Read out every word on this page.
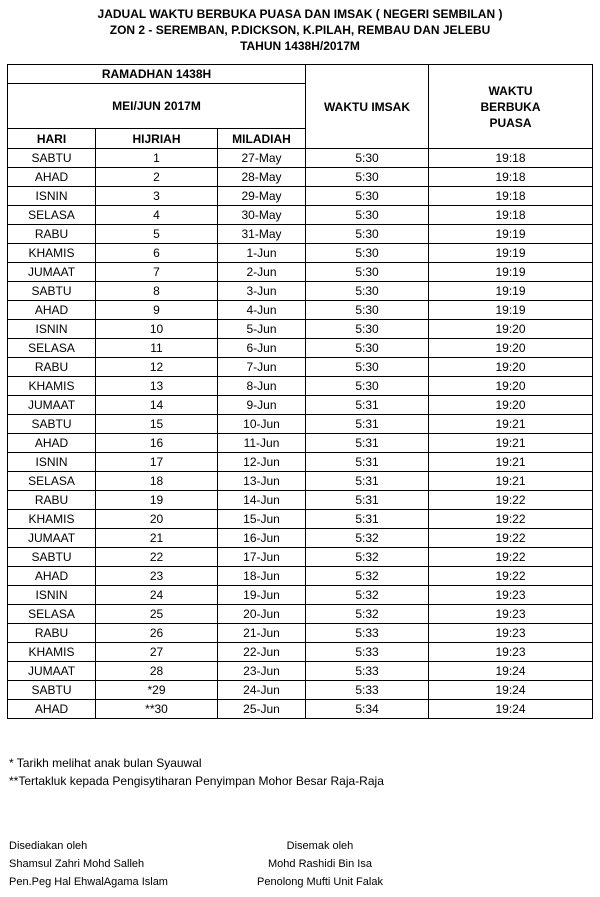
JADUAL WAKTU BERBUKA PUASA DAN IMSAK ( NEGERI SEMBILAN )
ZON 2 - SEREMBAN, P.DICKSON, K.PILAH, REMBAU DAN JELEBU
TAHUN 1438H/2017M
RAMADHAN 1438H			WAKTU IMSAK	WAKTU BERBUKA PUASA
MEI/JUN 2017M				
HARI	HIJRIAH	MILADIAH		
SABTU	1	27-May	5:30	19:18
AHAD	2	28-May	5:30	19:18
ISNIN	3	29-May	5:30	19:18
SELASA	4	30-May	5:30	19:18
RABU	5	31-May	5:30	19:19
KHAMIS	6	1-Jun	5:30	19:19
JUMAAT	7	2-Jun	5:30	19:19
SABTU	8	3-Jun	5:30	19:19
AHAD	9	4-Jun	5:30	19:19
ISNIN	10	5-Jun	5:30	19:20
SELASA	11	6-Jun	5:30	19:20
RABU	12	7-Jun	5:30	19:20
KHAMIS	13	8-Jun	5:30	19:20
JUMAAT	14	9-Jun	5:31	19:20
SABTU	15	10-Jun	5:31	19:21
AHAD	16	11-Jun	5:31	19:21
ISNIN	17	12-Jun	5:31	19:21
SELASA	18	13-Jun	5:31	19:21
RABU	19	14-Jun	5:31	19:22
KHAMIS	20	15-Jun	5:31	19:22
JUMAAT	21	16-Jun	5:32	19:22
SABTU	22	17-Jun	5:32	19:22
AHAD	23	18-Jun	5:32	19:22
ISNIN	24	19-Jun	5:32	19:23
SELASA	25	20-Jun	5:32	19:23
RABU	26	21-Jun	5:33	19:23
KHAMIS	27	22-Jun	5:33	19:23
JUMAAT	28	23-Jun	5:33	19:24
SABTU	*29	24-Jun	5:33	19:24
AHAD	**30	25-Jun	5:34	19:24
* Tarikh melihat anak bulan Syauwal
**Tertakluk kepada Pengisytiharan Penyimpan Mohor Besar Raja-Raja
Disediakan oleh
Shamsul Zahri Mohd Salleh
Pen.Peg Hal EhwalAgama Islam
Disemak oleh
Mohd Rashidi Bin Isa
Penolong Mufti Unit Falak
